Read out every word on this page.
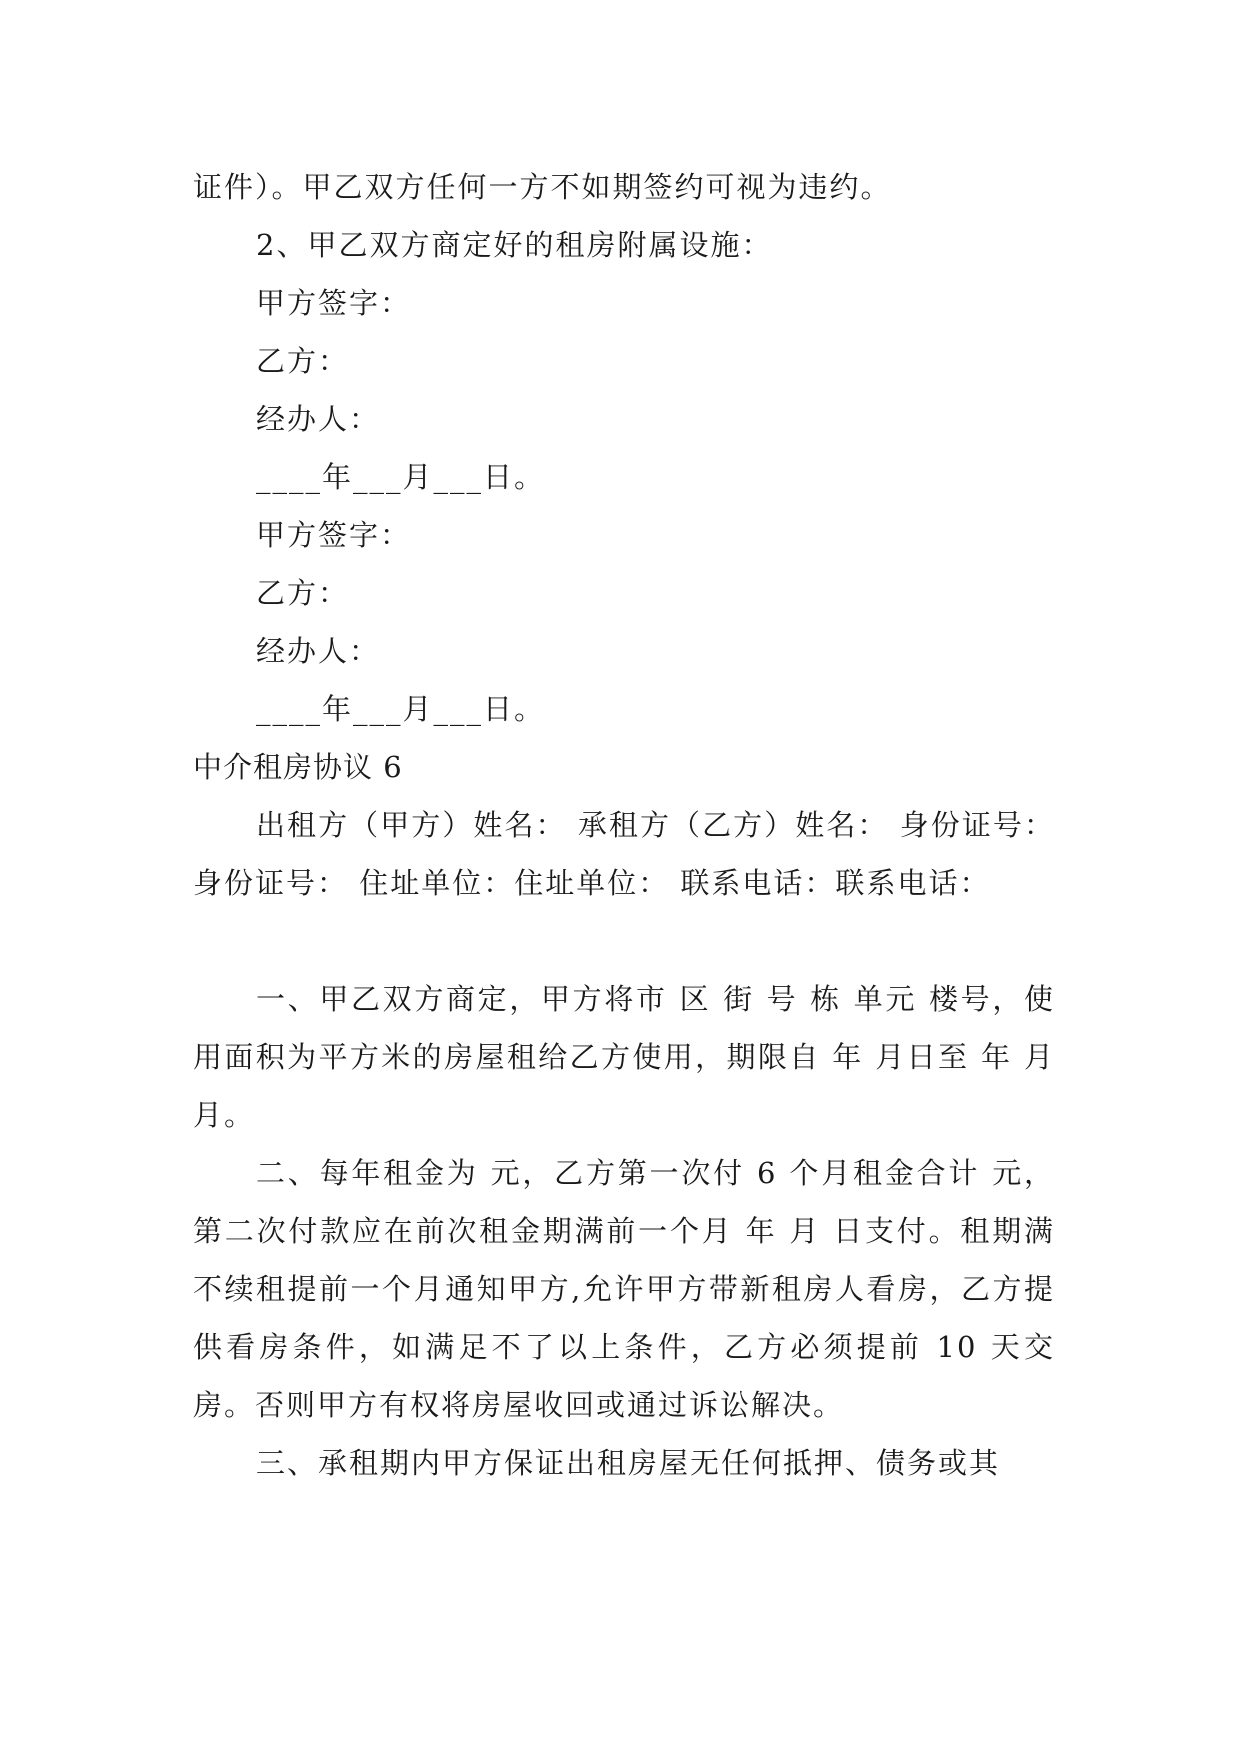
证件）。甲乙双方任何一方不如期签约可视为违约。

2、甲乙双方商定好的租房附属设施：

甲方签字：

乙方：

经办人：

____年___月___日。

甲方签字：

乙方：

经办人：

____年___月___日。

中介租房协议 6

出租方（甲方）姓名： 承租方（乙方）姓名： 身份证号：身份证号： 住址单位：住址单位： 联系电话：联系电话：

一、甲乙双方商定，甲方将市 区 街 号 栋 单元 楼号，使用面积为平方米的房屋租给乙方使用，期限自 年 月日至 年 月 月。

二、每年租金为 元，乙方第一次付 6 个月租金合计 元，第二次付款应在前次租金期满前一个月 年 月 日支付。租期满不续租提前一个月通知甲方,允许甲方带新租房人看房，乙方提供看房条件，如满足不了以上条件，乙方必须提前 10 天交房。否则甲方有权将房屋收回或通过诉讼解决。

三、承租期内甲方保证出租房屋无任何抵押、债务或其
